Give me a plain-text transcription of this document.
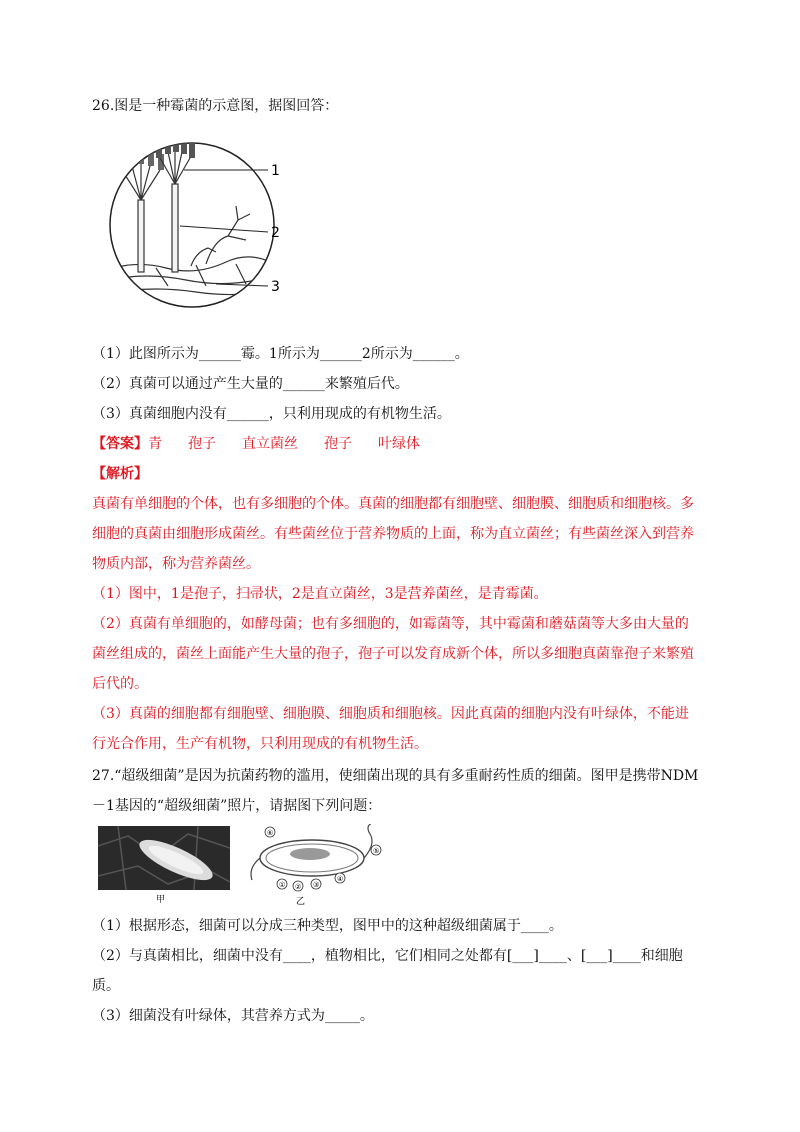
26.图是一种霉菌的示意图，据图回答：
1
2
3
（1）此图所示为______霉。1所示为______2所示为______。
（2）真菌可以通过产生大量的______来繁殖后代。
（3）真菌细胞内没有______，只利用现成的有机物生活。
【答案】青 孢子 直立菌丝 孢子 叶绿体
【解析】
真菌有单细胞的个体，也有多细胞的个体。真菌的细胞都有细胞壁、细胞膜、细胞质和细胞核。多
细胞的真菌由细胞形成菌丝。有些菌丝位于营养物质的上面，称为直立菌丝；有些菌丝深入到营养
物质内部，称为营养菌丝。
（1）图中，1是孢子，扫帚状，2是直立菌丝，3是营养菌丝，是青霉菌。
（2）真菌有单细胞的，如酵母菌；也有多细胞的，如霉菌等，其中霉菌和蘑菇菌等大多由大量的
菌丝组成的，菌丝上面能产生大量的孢子，孢子可以发育成新个体，所以多细胞真菌靠孢子来繁殖
后代的。
（3）真菌的细胞都有细胞壁、细胞膜、细胞质和细胞核。因此真菌的细胞内没有叶绿体，不能进
行光合作用，生产有机物，只利用现成的有机物生活。
27.“超级细菌”是因为抗菌药物的滥用，使细菌出现的具有多重耐药性质的细菌。图甲是携带NDM
－1基因的“超级细菌”照片，请据图下列问题：
甲
⑥
① ② ③
④
⑤
乙
（1）根据形态，细菌可以分成三种类型，图甲中的这种超级细菌属于____。
（2）与真菌相比，细菌中没有____，植物相比，它们相同之处都有[___]____、[___]____和细胞
质。
（3）细菌没有叶绿体，其营养方式为_____。
